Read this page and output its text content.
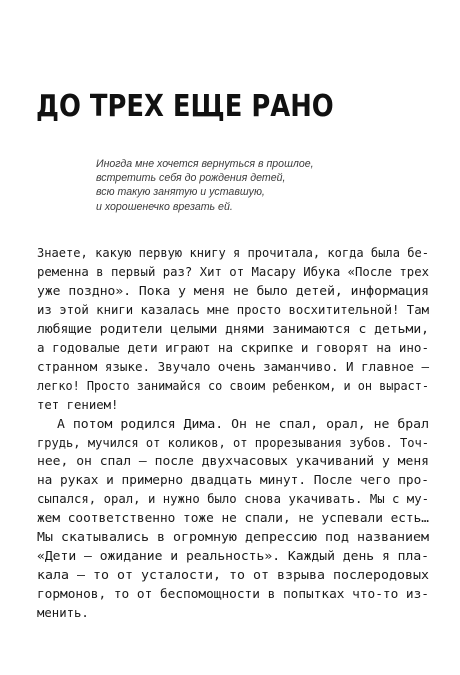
ДО ТРЕХ ЕЩЕ РАНО
Иногда мне хочется вернуться в прошлое,
встретить себя до рождения детей,
всю такую занятую и уставшую,
и хорошенечко врезать ей.
Знаете, какую первую книгу я прочитала, когда была бе-
ременна в первый раз? Хит от Масару Ибука «После трех
уже поздно». Пока у меня не было детей, информация
из этой книги казалась мне просто восхитительной! Там
любящие родители целыми днями занимаются с детьми,
а годовалые дети играют на скрипке и говорят на ино-
странном языке. Звучало очень заманчиво. И главное —
легко! Просто занимайся со своим ребенком, и он выраст-
тет гением!
А потом родился Дима. Он не спал, орал, не брал
грудь, мучился от коликов, от прорезывания зубов. Точ-
нее, он спал — после двухчасовых укачиваний у меня
на руках и примерно двадцать минут. После чего про-
сыпался, орал, и нужно было снова укачивать. Мы с му-
жем соответственно тоже не спали, не успевали есть…
Мы скатывались в огромную депрессию под названием
«Дети — ожидание и реальность». Каждый день я пла-
кала — то от усталости, то от взрыва послеродовых
гормонов, то от беспомощности в попытках что-то из-
менить.
